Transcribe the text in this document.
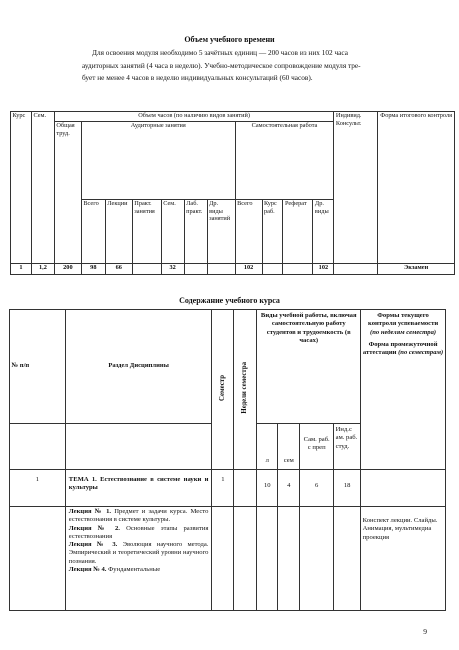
Объем учебного времени
Для освоения модуля необходимо 5 зачётных единиц — 200 часов из них 102 часа
аудиторных занятий (4 часа в неделю). Учебно-методическое сопровождение модуля тре-
бует не менее 4 часов в неделю индивидуальных консультаций (60 часов).
Курс	Сем.	Объем часов (по наличию видов занятий)											Индивид. Консульт.	Форма итогового контроля
		Общая труд.	Аудиторные занятия						Самостоятельная работа					
			Всего	Лекции	Практ. занятия	Сем.	Лаб. практ.	Др. виды занятий	Всего	Курс раб.	Реферат	Др. виды		
1	1,2	200	98	66		32			102			102		Экзамен
Содержание учебного курса
№ п/п	Раздел Дисциплины	Семестр	Недели семестра	Виды учебной работы, включая самостоятельную работу студентов и трудоемкость (в часах)				Формы текущего контроля успеваемости (по неделям семестра)
Форма промежуточной аттестации (по семестрам)

				л	сем	Сам. раб. с преп	Инд.с ам. раб. студ.	
1	ТЕМА 1. Естествознание в системе науки и культуры	1		10	4	6	18	

	Лекция № 1. Предмет и задачи курса. Место естествознания в системе культуры.
Лекция № 2. Основные этапы развития естествознания
Лекция № 3. Эволюция научного метода. Эмпирический и теоретический уровни научного познания.
Лекция № 4. Фундаментальные							Конспект лекции. Слайды. Анимация, мультимедиа проекция
9
